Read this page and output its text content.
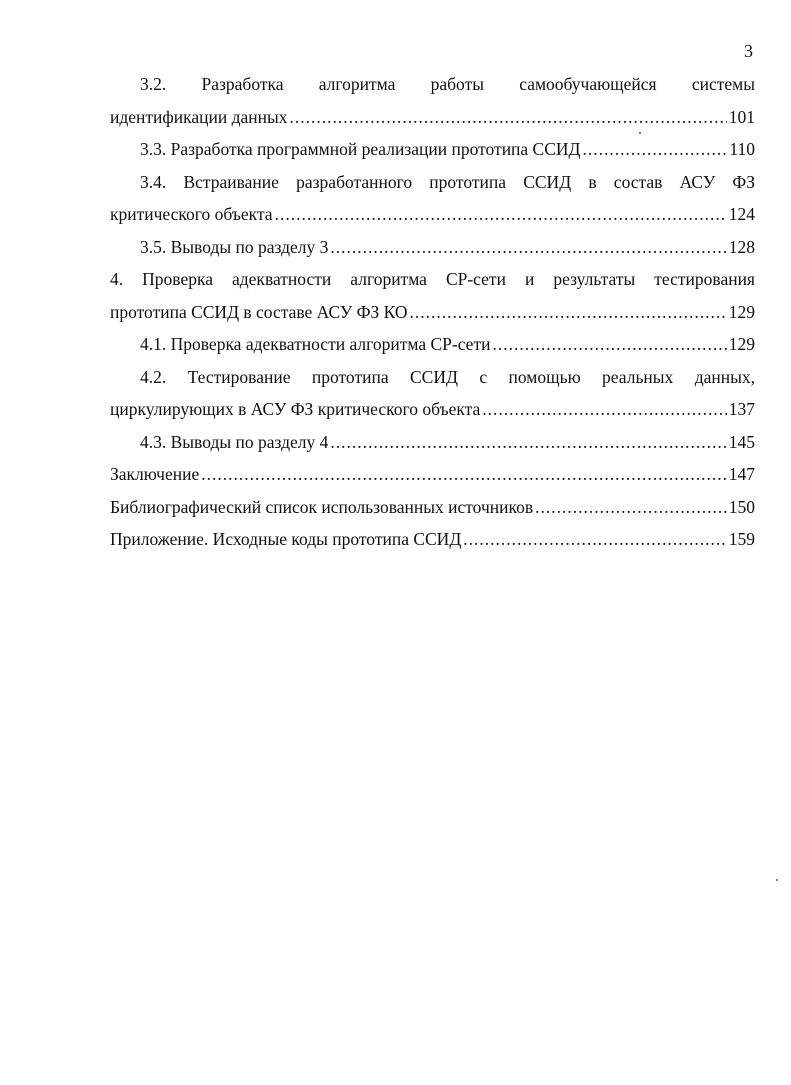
3
3.2. Разработка алгоритма работы самообучающейся системы
идентификации данных .....	101
3.3. Разработка программной реализации прототипа ССИД .....	110
3.4. Встраивание разработанного прототипа ССИД в состав АСУ ФЗ
критического объекта .....	124
3.5. Выводы по разделу 3 .....	128
4. Проверка адекватности алгоритма СР-сети и результаты тестирования
прототипа ССИД в составе АСУ ФЗ КО .....	129
4.1. Проверка адекватности алгоритма СР-сети .....	129
4.2. Тестирование прототипа ССИД с помощью реальных данных,
циркулирующих в АСУ ФЗ критического объекта .....	137
4.3. Выводы по разделу 4 .....	145
Заключение .....	147
Библиографический список использованных источников .....	150
Приложение. Исходные коды прототипа ССИД .....	159
